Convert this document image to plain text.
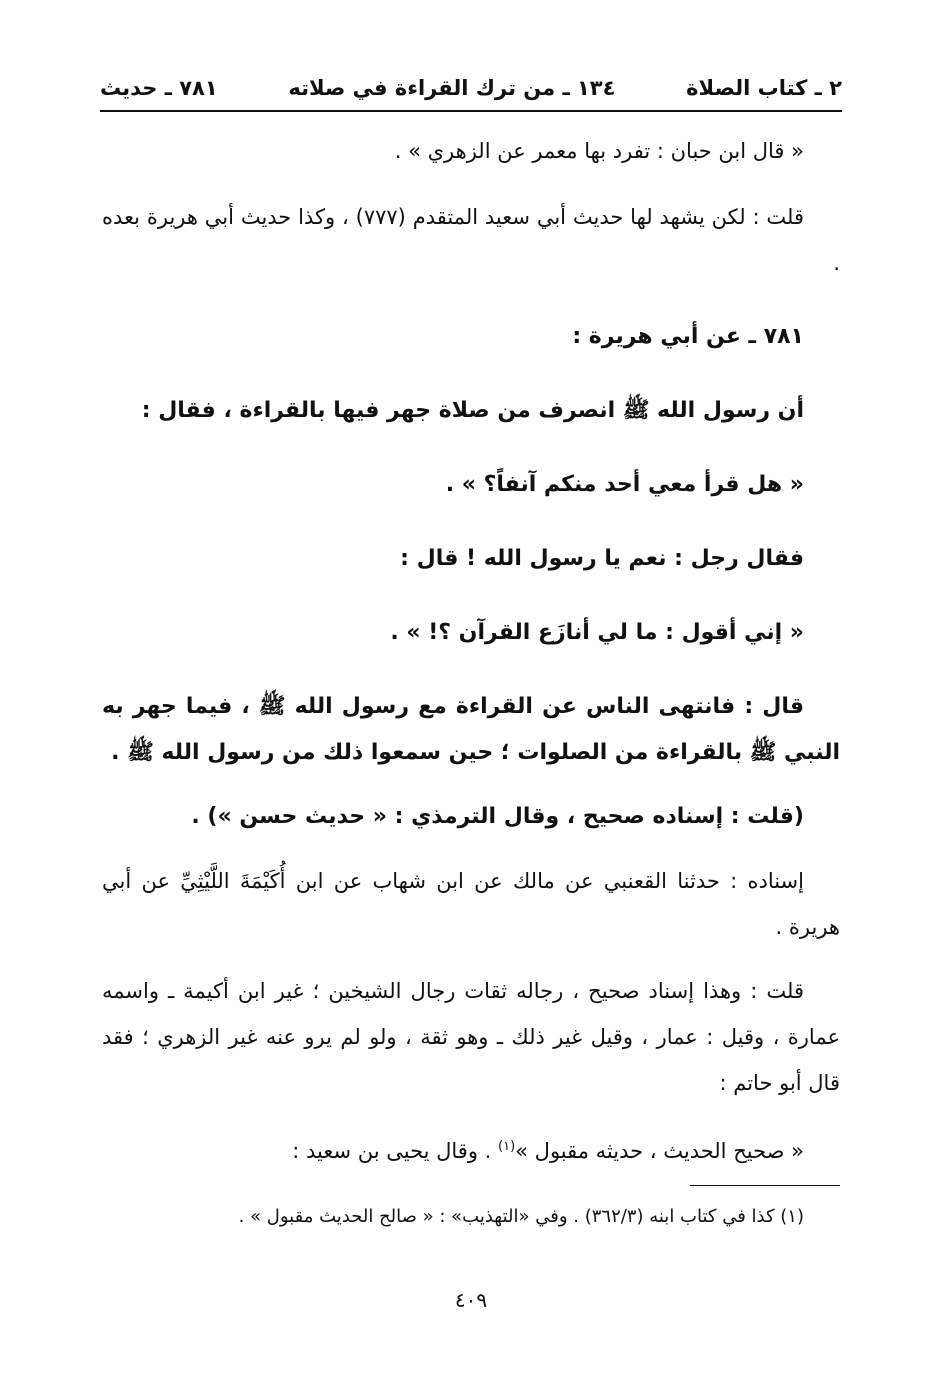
٢ ـ كتاب الصلاة
١٣٤ ـ من ترك القراءة في صلاته
٧٨١ ـ حديث

« قال ابن حبان : تفرد بها معمر عن الزهري » .

قلت : لكن يشهد لها حديث أبي سعيد المتقدم (٧٧٧) ، وكذا حديث أبي هريرة بعده .

٧٨١ ـ عن أبي هريرة :

أن رسول الله ﷺ انصرف من صلاة جهر فيها بالقراءة ، فقال :

« هل قرأ معي أحد منكم آنفاً؟ » .

فقال رجل : نعم يا رسول الله ! قال :

« إني أقول : ما لي أنازَع القرآن ؟! » .

قال : فانتهى الناس عن القراءة مع رسول الله ﷺ ، فيما جهر به النبي ﷺ بالقراءة من الصلوات ؛ حين سمعوا ذلك من رسول الله ﷺ .

(قلت : إسناده صحيح ، وقال الترمذي : « حديث حسن ») .

إسناده : حدثنا القعنبي عن مالك عن ابن شهاب عن ابن أُكَيْمَةَ اللَّيْثِيِّ عن أبي هريرة .

قلت : وهذا إسناد صحيح ، رجاله ثقات رجال الشيخين ؛ غير ابن أكيمة ـ واسمه عمارة ، وقيل : عمار ، وقيل غير ذلك ـ وهو ثقة ، ولو لم يرو عنه غير الزهري ؛ فقد قال أبو حاتم :

« صحيح الحديث ، حديثه مقبول »$^{(١)}$ . وقال يحيى بن سعيد :

(١) كذا في كتاب ابنه (٣٦٢/٣) . وفي «التهذيب» : « صالح الحديث مقبول » .
٤٠٩
